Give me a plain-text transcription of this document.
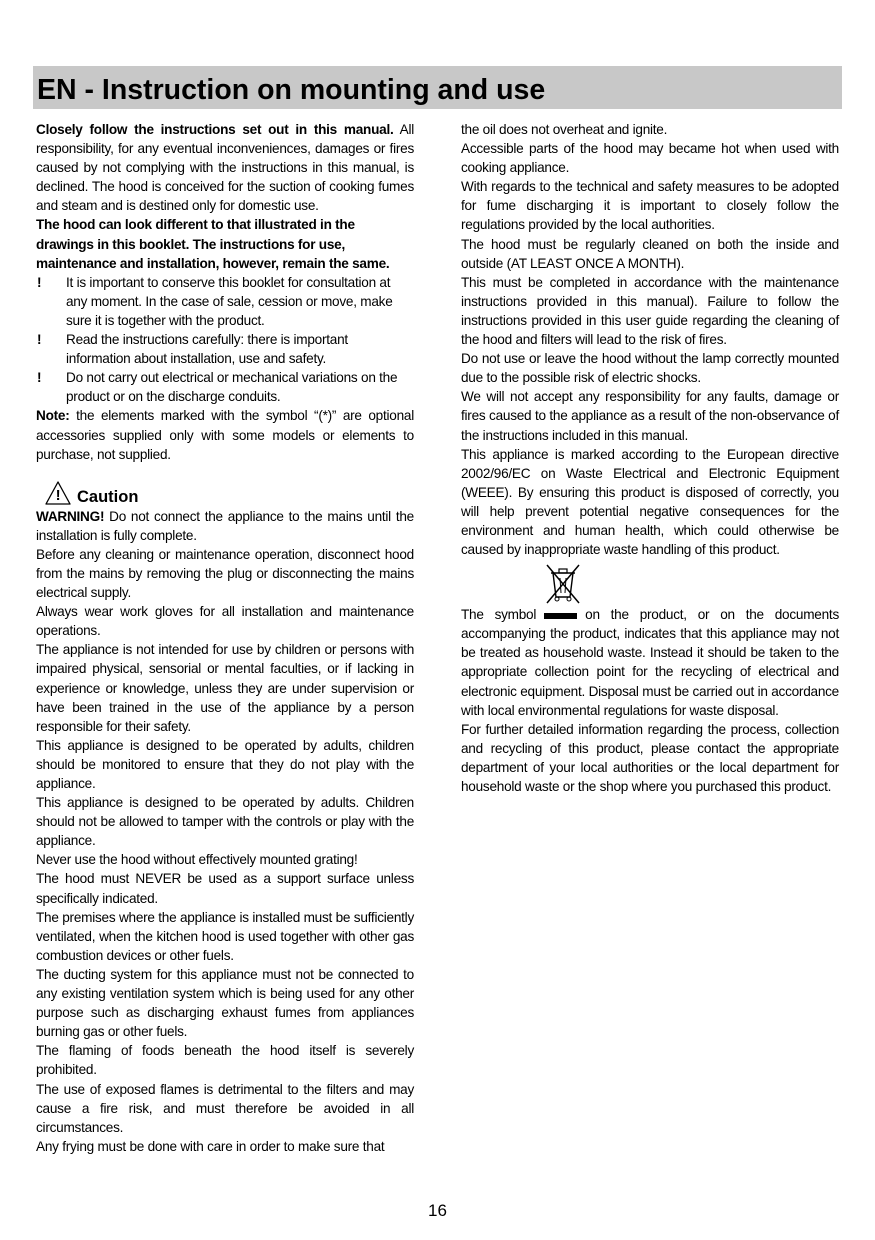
EN - Instruction on mounting and use

Closely follow the instructions set out in this manual. All responsibility, for any eventual inconveniences, damages or fires caused by not complying with the instructions in this manual, is declined. The hood is conceived for the suction of cooking fumes and steam and is destined only for domestic use.

The hood can look different to that illustrated in the drawings in this booklet. The instructions for use, maintenance and installation, however, remain the same.

!	It is important to conserve this booklet for consultation at any moment. In the case of sale, cession or move, make sure it is together with the product.
!	Read the instructions carefully: there is important information about installation, use and safety.
!	Do not carry out electrical or mechanical variations on the product or on the discharge conduits.

Note: the elements marked with the symbol “(*)” are optional accessories supplied only with some models or elements to purchase, not supplied.

! Caution

WARNING! Do not connect the appliance to the mains until the installation is fully complete.

Before any cleaning or maintenance operation, disconnect hood from the mains by removing the plug or disconnecting the mains electrical supply.

Always wear work gloves for all installation and maintenance operations.

The appliance is not intended for use by children or persons with impaired physical, sensorial or mental faculties, or if lacking in experience or knowledge, unless they are under supervision or have been trained in the use of the appliance by a person responsible for their safety.

This appliance is designed to be operated by adults, children should be monitored to ensure that they do not play with the appliance.

This appliance is designed to be operated by adults. Children should not be allowed to tamper with the controls or play with the appliance.

Never use the hood without effectively mounted grating!

The hood must NEVER be used as a support surface unless specifically indicated.

The premises where the appliance is installed must be sufficiently ventilated, when the kitchen hood is used together with other gas combustion devices or other fuels.

The ducting system for this appliance must not be connected to any existing ventilation system which is being used for any other purpose such as discharging exhaust fumes from appliances burning gas or other fuels.

The flaming of foods beneath the hood itself is severely prohibited.

The use of exposed flames is detrimental to the filters and may cause a fire risk, and must therefore be avoided in all circumstances.

Any frying must be done with care in order to make sure that

the oil does not overheat and ignite.

Accessible parts of the hood may became hot when used with cooking appliance.

With regards to the technical and safety measures to be adopted for fume discharging it is important to closely follow the regulations provided by the local authorities.

The hood must be regularly cleaned on both the inside and outside (AT LEAST ONCE A MONTH).

This must be completed in accordance with the maintenance instructions provided in this manual). Failure to follow the instructions provided in this user guide regarding the cleaning of the hood and filters will lead to the risk of fires.

Do not use or leave the hood without the lamp correctly mounted due to the possible risk of electric shocks.

We will not accept any responsibility for any faults, damage or fires caused to the appliance as a result of the non-observance of the instructions included in this manual.

This appliance is marked according to the European directive 2002/96/EC on Waste Electrical and Electronic Equipment (WEEE). By ensuring this product is disposed of correctly, you will help prevent potential negative consequences for the environment and human health, which could otherwise be caused by inappropriate waste handling of this product.

The symbol	on the product, or on the documents accompanying the product, indicates that this appliance may not be treated as household waste. Instead it should be taken to the appropriate collection point for the recycling of electrical and electronic equipment. Disposal must be carried out in accordance with local environmental regulations for waste disposal.

For further detailed information regarding the process, collection and recycling of this product, please contact the appropriate department of your local authorities or the local department for household waste or the shop where you purchased this product.

16
